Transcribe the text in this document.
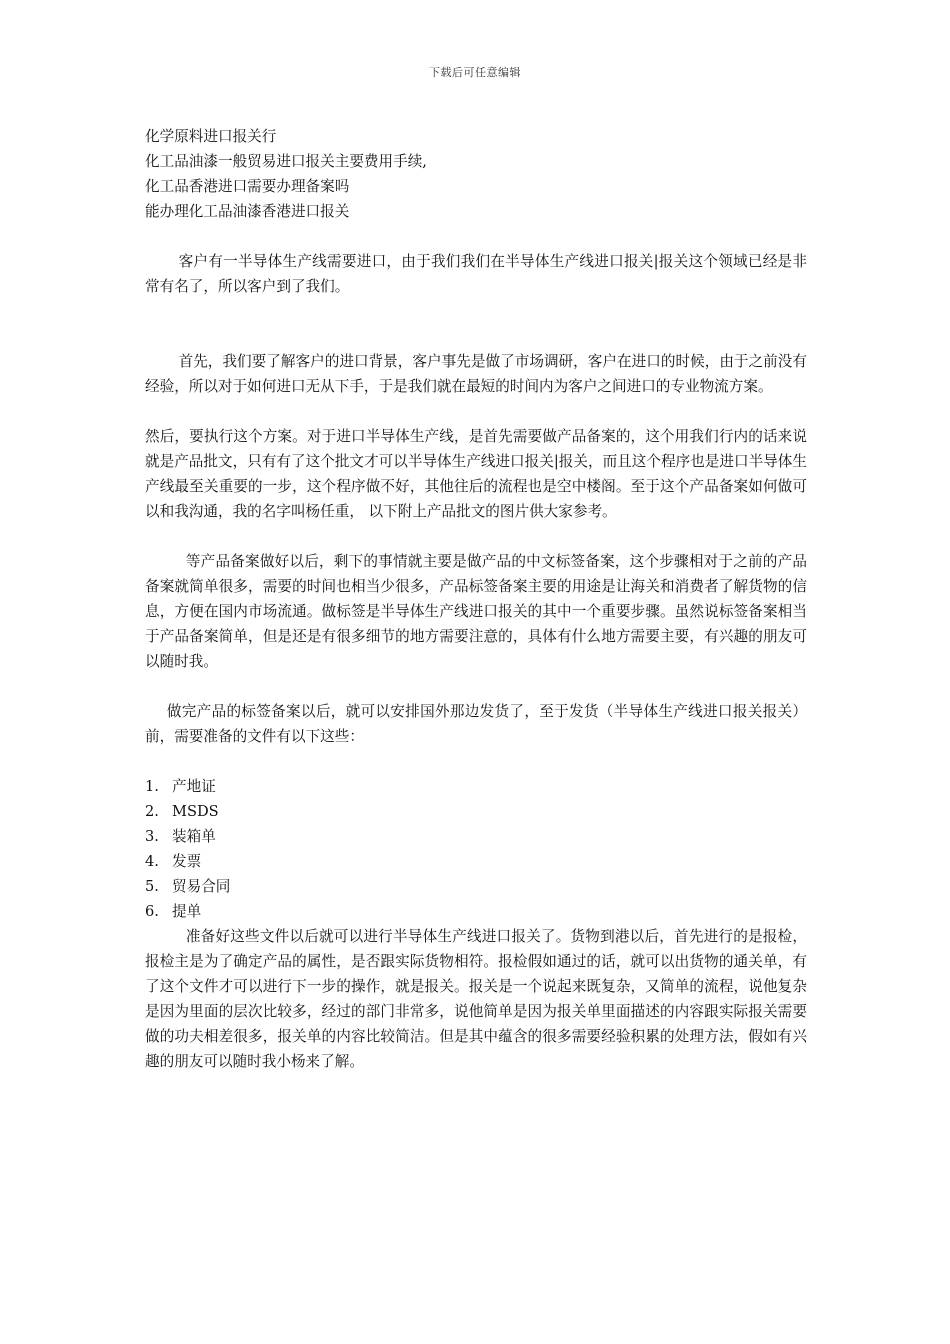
下载后可任意编辑
化学原料进口报关行
化工品油漆一般贸易进口报关主要费用手续,
化工品香港进口需要办理备案吗
能办理化工品油漆香港进口报关

客户有一半导体生产线需要进口，由于我们我们在半导体生产线进口报关|报关这个领域已经是非常有名了，所以客户到了我们。

首先，我们要了解客户的进口背景，客户事先是做了市场调研，客户在进口的时候，由于之前没有经验，所以对于如何进口无从下手，于是我们就在最短的时间内为客户之间进口的专业物流方案。

然后，要执行这个方案。对于进口半导体生产线，是首先需要做产品备案的，这个用我们行内的话来说就是产品批文，只有有了这个批文才可以半导体生产线进口报关|报关，而且这个程序也是进口半导体生产线最至关重要的一步，这个程序做不好，其他往后的流程也是空中楼阁。至于这个产品备案如何做可以和我沟通，我的名字叫杨任重， 以下附上产品批文的图片供大家参考。

等产品备案做好以后，剩下的事情就主要是做产品的中文标签备案，这个步骤相对于之前的产品备案就简单很多，需要的时间也相当少很多，产品标签备案主要的用途是让海关和消费者了解货物的信息，方便在国内市场流通。做标签是半导体生产线进口报关的其中一个重要步骤。虽然说标签备案相当于产品备案简单，但是还是有很多细节的地方需要注意的，具体有什么地方需要主要，有兴趣的朋友可以随时我。

做完产品的标签备案以后，就可以安排国外那边发货了，至于发货（半导体生产线进口报关报关）前，需要准备的文件有以下这些：

1. 产地证
2. MSDS
3. 装箱单
4. 发票
5. 贸易合同
6. 提单

准备好这些文件以后就可以进行半导体生产线进口报关了。货物到港以后，首先进行的是报检，报检主是为了确定产品的属性，是否跟实际货物相符。报检假如通过的话，就可以出货物的通关单，有了这个文件才可以进行下一步的操作，就是报关。报关是一个说起来既复杂，又简单的流程，说他复杂是因为里面的层次比较多，经过的部门非常多，说他简单是因为报关单里面描述的内容跟实际报关需要做的功夫相差很多，报关单的内容比较简洁。但是其中蕴含的很多需要经验积累的处理方法，假如有兴趣的朋友可以随时我小杨来了解。
